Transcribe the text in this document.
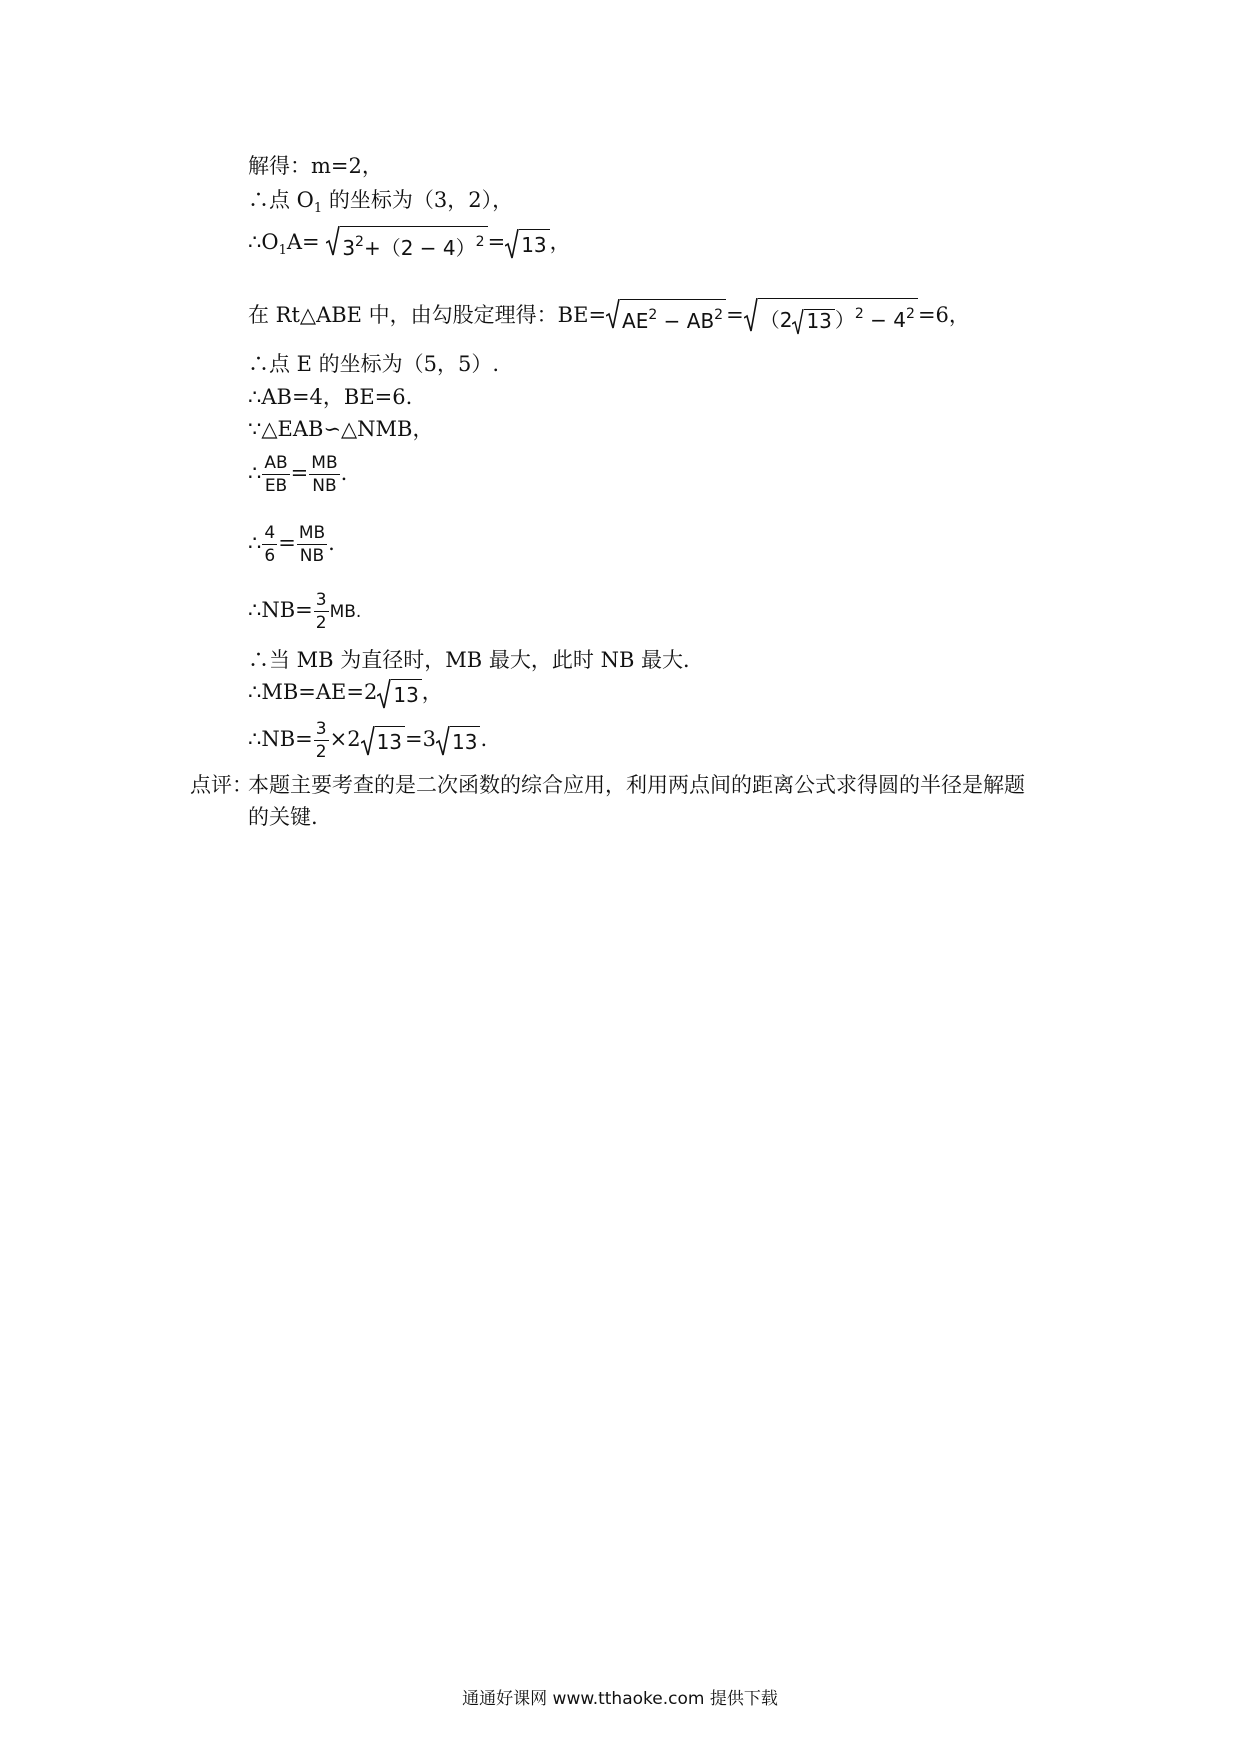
解得：m=2，
∴点 $O_1$ 的坐标为（3，2），
$\therefore O_1A= 3^2+(2 - 4)^2 = 13$ ，
在 Rt△ABE 中，由勾股定理得：$BE= AE^2 - AB^2 = (2$ 13 ）$^2 - 4^2 =6$，
∴点 E 的坐标为（5，5）.
∴AB=4，BE=6.
∵△EAB∽△NMB，
∴ $\frac{AB}{EB} = \frac{MB}{NB}$ .
∴ $\frac{4}{6} = \frac{MB}{NB}$ .
∴NB= $\frac{3}{2}$ MB.
∴当 MB 为直径时，MB 最大，此时 NB 最大．
∴MB=AE=2 13 ，
∴NB= $\frac{3}{2} \times 2$ 13 =3 13 .
点评：
本题主要考查的是二次函数的综合应用，利用两点间的距离公式求得圆的半径是解题
的关键.
通通好课网 www.tthaoke.com 提供下载
